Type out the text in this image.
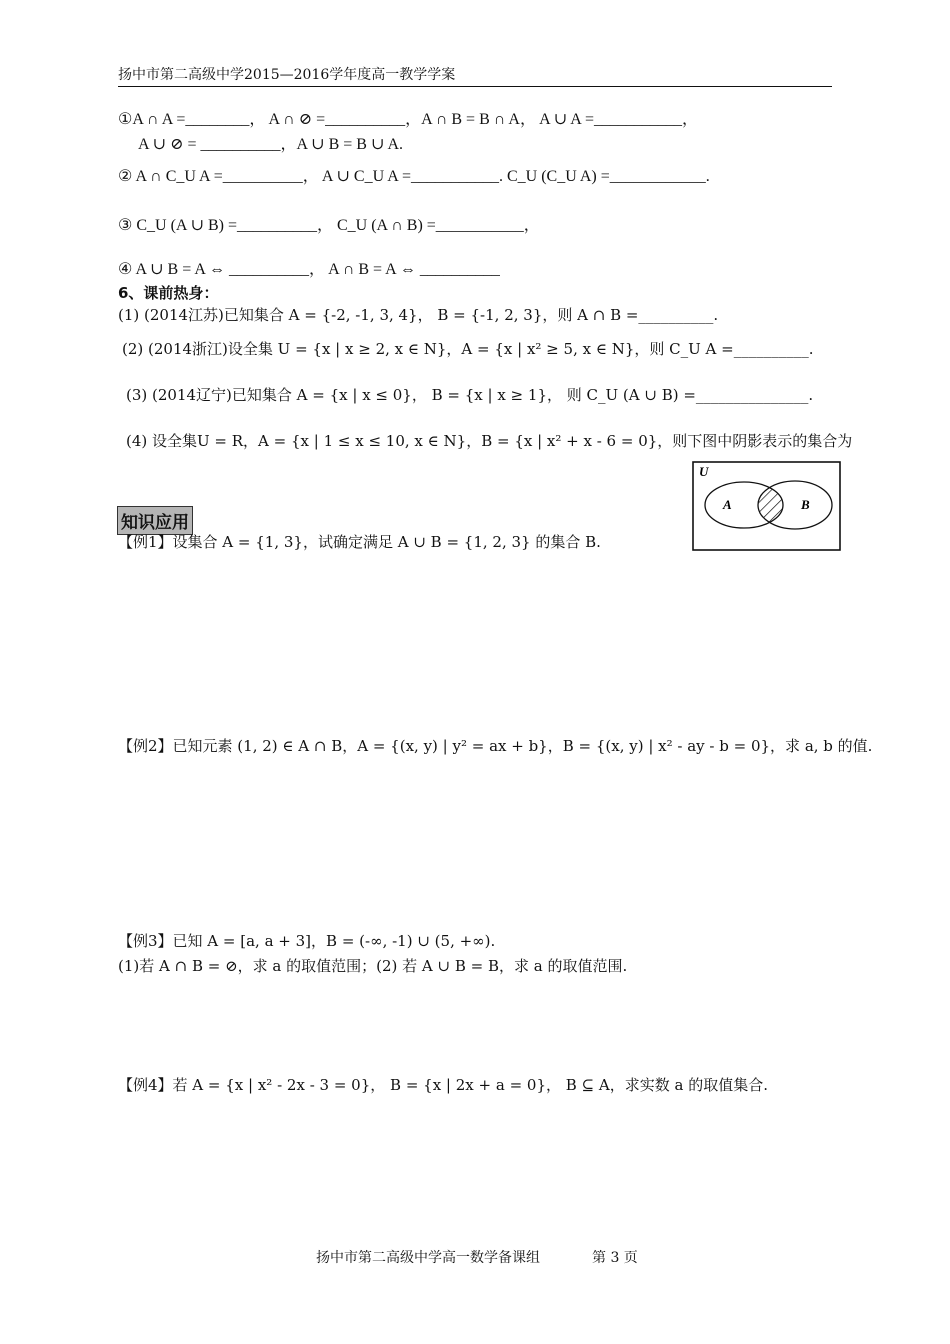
扬中市第二高级中学2015—2016学年度高一教学学案
①A ∩ A =________， A ∩ ⊘ =__________，A ∩ B = B ∩ A， A ∪ A =___________，
A ∪ ⊘ = __________，A ∪ B = B ∪ A.
② A ∩ C_U A =__________， A ∪ C_U A =___________. C_U (C_U A) =____________.
③ C_U (A ∪ B) =__________， C_U (A ∩ B) =___________，
④ A ∪ B = A ⇔ __________， A ∩ B = A ⇔ __________
6、课前热身：
(1) (2014江苏)已知集合 A = {-2, -1, 3, 4}， B = {-1, 2, 3}，则 A ∩ B =__________.
(2) (2014浙江)设全集 U = {x | x ≥ 2, x ∈ N}，A = {x | x² ≥ 5, x ∈ N}，则 C_U A =__________.
(3) (2014辽宁)已知集合 A = {x | x ≤ 0}， B = {x | x ≥ 1}， 则 C_U (A ∪ B) =_______________.
(4) 设全集U = R，A = {x | 1 ≤ x ≤ 10, x ∈ N}，B = {x | x² + x - 6 = 0}，则下图中阴影表示的集合为
U
A	B
知识应用
【例1】设集合 A = {1, 3}，试确定满足 A ∪ B = {1, 2, 3} 的集合 B.
【例2】已知元素 (1, 2) ∈ A ∩ B，A = {(x, y) | y² = ax + b}，B = {(x, y) | x² - ay - b = 0}，求 a, b 的值.
【例3】已知 A = [a, a + 3]，B = (-∞, -1) ∪ (5, +∞).
(1)若 A ∩ B = ⊘，求 a 的取值范围；(2) 若 A ∪ B = B，求 a 的取值范围.
【例4】若 A = {x | x² - 2x - 3 = 0}， B = {x | 2x + a = 0}， B ⊆ A，求实数 a 的取值集合.
扬中市第二高级中学高一数学备课组	第 3 页
